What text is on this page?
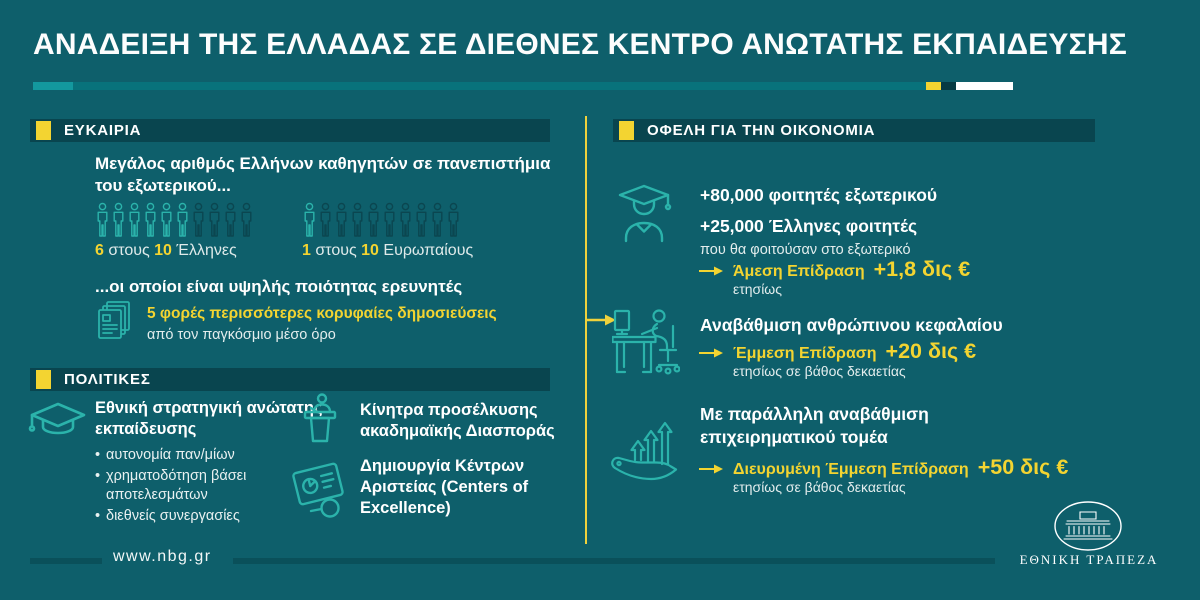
ΑΝΑΔΕΙΞΗ ΤΗΣ ΕΛΛΑΔΑΣ ΣΕ ΔΙΕΘΝΕΣ ΚΕΝΤΡΟ ΑΝΩΤΑΤΗΣ ΕΚΠΑΙΔΕΥΣΗΣ
ΕΥΚΑΙΡΙΑ
Μεγάλος αριθμός Ελλήνων καθηγητών σε πανεπιστήμια του εξωτερικού...
6 στους 10 Έλληνες	1 στους 10 Ευρωπαίους
...οι οποίοι είναι υψηλής ποιότητας ερευνητές
5 φορές περισσότερες κορυφαίες δημοσιεύσεις
από τον παγκόσμιο μέσο όρο
ΠΟΛΙΤΙΚΕΣ
Εθνική στρατηγική ανώτατης εκπαίδευσης
• αυτονομία παν/μίων
• χρηματοδότηση βάσει αποτελεσμάτων
• διεθνείς συνεργασίες
Κίνητρα προσέλκυσης ακαδημαϊκής Διασποράς
Δημιουργία Κέντρων Αριστείας (Centers of Excellence)
ΟΦΕΛΗ ΓΙΑ ΤΗΝ ΟΙΚΟΝΟΜΙΑ
+80,000 φοιτητές εξωτερικού
+25,000 Έλληνες φοιτητές
που θα φοιτούσαν στο εξωτερικό
Άμεση Επίδραση +1,8 δις €
ετησίως
Αναβάθμιση ανθρώπινου κεφαλαίου
Έμμεση Επίδραση +20 δις €
ετησίως σε βάθος δεκαετίας
Με παράλληλη αναβάθμιση επιχειρηματικού τομέα
Διευρυμένη Έμμεση Επίδραση +50 δις €
ετησίως σε βάθος δεκαετίας
www.nbg.gr	ΕΘΝΙΚΗ ΤΡΑΠΕΖΑ
